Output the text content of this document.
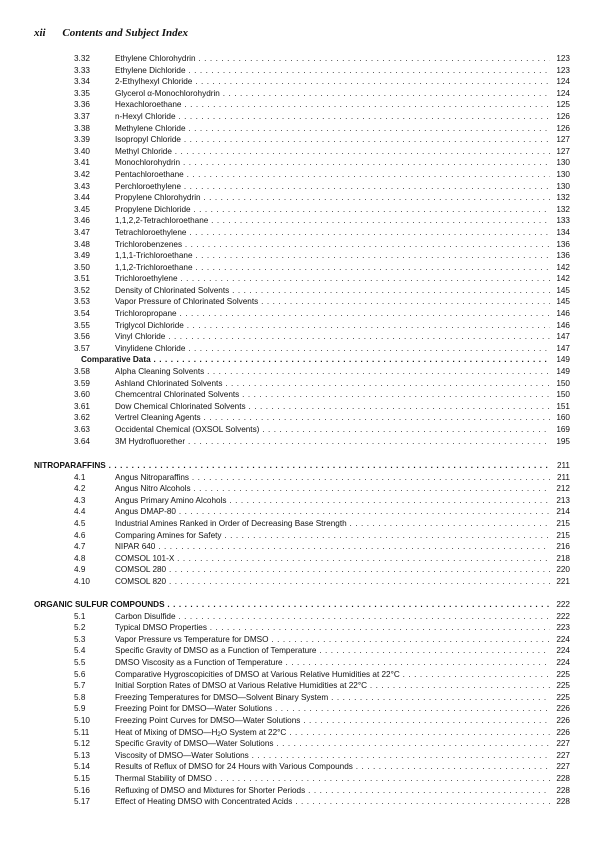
xii Contents and Subject Index
3.32	Ethylene Chlorohydrin . . .	123
3.33	Ethylene Dichloride . . .	123
3.34	2-Ethylhexyl Chloride . . .	124
3.35	Glycerol α-Monochlorohydrin . . .	124
3.36	Hexachloroethane . . .	125
3.37	n-Hexyl Chloride . . .	126
3.38	Methylene Chloride . . .	126
3.39	Isopropyl Chloride . . .	127
3.40	Methyl Chloride . . .	127
3.41	Monochlorohydrin . . .	130
3.42	Pentachloroethane . . .	130
3.43	Perchloroethylene . . .	130
3.44	Propylene Chlorohydrin . . .	132
3.45	Propylene Dichloride . . .	132
3.46	1,1,2,2-Tetrachloroethane . . .	133
3.47	Tetrachloroethylene . . .	134
3.48	Trichlorobenzenes . . .	136
3.49	1,1,1-Trichloroethane . . .	136
3.50	1,1,2-Trichloroethane . . .	142
3.51	Trichloroethylene . . .	142
3.52	Density of Chlorinated Solvents . . .	145
3.53	Vapor Pressure of Chlorinated Solvents . . .	145
3.54	Trichloropropane . . .	146
3.55	Triglycol Dichloride . . .	146
3.56	Vinyl Chloride . . .	147
3.57	Vinylidene Chloride . . .	147
Comparative Data . . .	149
3.58	Alpha Cleaning Solvents . . .	149
3.59	Ashland Chlorinated Solvents . . .	150
3.60	Chemcentral Chlorinated Solvents . . .	150
3.61	Dow Chemical Chlorinated Solvents . . .	151
3.62	Vertrel Cleaning Agents . . .	160
3.63	Occidental Chemical (OXSOL Solvents) . . .	169
3.64	3M Hydrofluorether . . .	195
NITROPARAFFINS . . .	211
4.1	Angus Nitroparaffins . . .	211
4.2	Angus Nitro Alcohols . . .	212
4.3	Angus Primary Amino Alcohols . . .	213
4.4	Angus DMAP-80 . . .	214
4.5	Industrial Amines Ranked in Order of Decreasing Base Strength . . .	215
4.6	Comparing Amines for Safety . . .	215
4.7	NIPAR 640 . . .	216
4.8	COMSOL 101-X . . .	218
4.9	COMSOL 280 . . .	220
4.10	COMSOL 820 . . .	221
ORGANIC SULFUR COMPOUNDS . . .	222
5.1	Carbon Disulfide . . .	222
5.2	Typical DMSO Properties . . .	223
5.3	Vapor Pressure vs Temperature for DMSO . . .	224
5.4	Specific Gravity of DMSO as a Function of Temperature . . .	224
5.5	DMSO Viscosity as a Function of Temperature . . .	224
5.6	Comparative Hygroscopicities of DMSO at Various Relative Humidities at 22°C . . .	225
5.7	Initial Sorption Rates of DMSO at Various Relative Humidities at 22°C . . .	225
5.8	Freezing Temperatures for DMSO—Solvent Binary System . . .	225
5.9	Freezing Point for DMSO—Water Solutions . . .	226
5.10	Freezing Point Curves for DMSO—Water Solutions . . .	226
5.11	Heat of Mixing of DMSO—H2O System at 22°C . . .	226
5.12	Specific Gravity of DMSO—Water Solutions . . .	227
5.13	Viscosity of DMSO—Water Solutions . . .	227
5.14	Results of Reflux of DMSO for 24 Hours with Various Compounds . . .	227
5.15	Thermal Stability of DMSO . . .	228
5.16	Refluxing of DMSO and Mixtures for Shorter Periods . . .	228
5.17	Effect of Heating DMSO with Concentrated Acids . . .	228
